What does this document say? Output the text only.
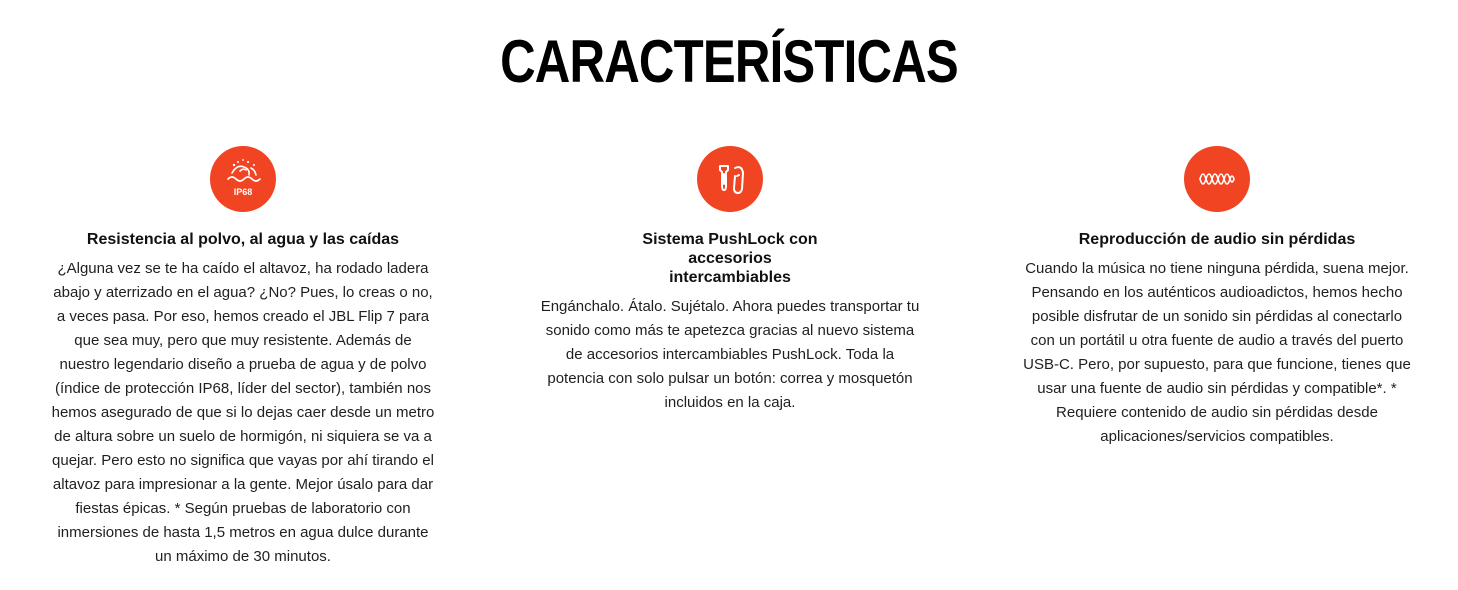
CARACTERÍSTICAS
IP68
Resistencia al polvo, al agua y las caídas
¿Alguna vez se te ha caído el altavoz, ha rodado ladera abajo y aterrizado en el agua? ¿No? Pues, lo creas o no, a veces pasa. Por eso, hemos creado el JBL Flip 7 para que sea muy, pero que muy resistente. Además de nuestro legendario diseño a prueba de agua y de polvo (índice de protección IP68, líder del sector), también nos hemos asegurado de que si lo dejas caer desde un metro de altura sobre un suelo de hormigón, ni siquiera se va a quejar. Pero esto no significa que vayas por ahí tirando el altavoz para impresionar a la gente. Mejor úsalo para dar fiestas épicas. * Según pruebas de laboratorio con inmersiones de hasta 1,5 metros en agua dulce durante un máximo de 30 minutos.
Sistema PushLock con accesorios intercambiables
Engánchalo. Átalo. Sujétalo. Ahora puedes transportar tu sonido como más te apetezca gracias al nuevo sistema de accesorios intercambiables PushLock. Toda la potencia con solo pulsar un botón: correa y mosquetón incluidos en la caja.
Reproducción de audio sin pérdidas
Cuando la música no tiene ninguna pérdida, suena mejor. Pensando en los auténticos audioadictos, hemos hecho posible disfrutar de un sonido sin pérdidas al conectarlo con un portátil u otra fuente de audio a través del puerto USB-C. Pero, por supuesto, para que funcione, tienes que usar una fuente de audio sin pérdidas y compatible*. * Requiere contenido de audio sin pérdidas desde aplicaciones/servicios compatibles.
